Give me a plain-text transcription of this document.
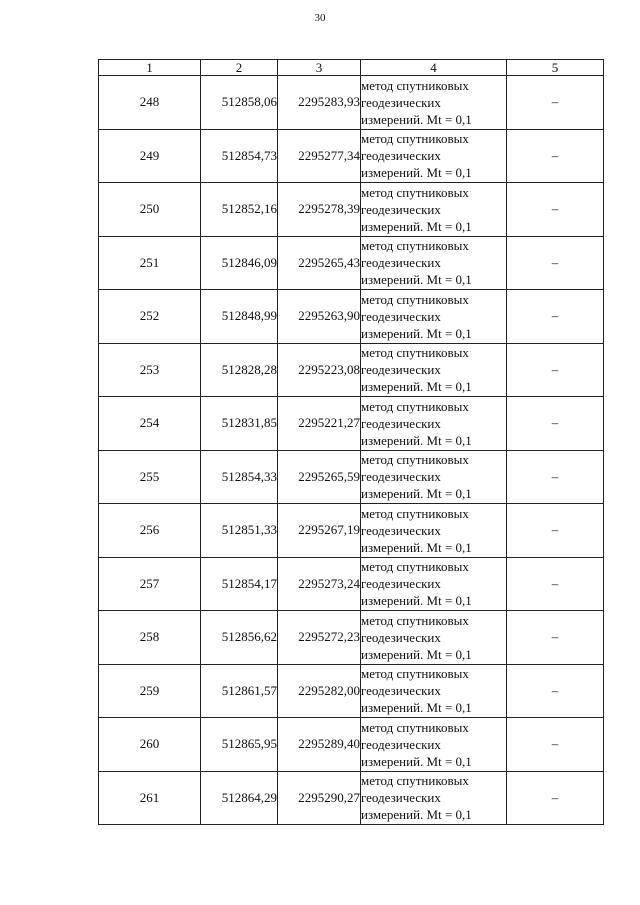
30
1	2	3	4	5
248	512858,06	2295283,93	метод спутниковых
геодезических
измерений. Mt = 0,1	–
249	512854,73	2295277,34	метод спутниковых
геодезических
измерений. Mt = 0,1	–
250	512852,16	2295278,39	метод спутниковых
геодезических
измерений. Mt = 0,1	–
251	512846,09	2295265,43	метод спутниковых
геодезических
измерений. Mt = 0,1	–
252	512848,99	2295263,90	метод спутниковых
геодезических
измерений. Mt = 0,1	–
253	512828,28	2295223,08	метод спутниковых
геодезических
измерений. Mt = 0,1	–
254	512831,85	2295221,27	метод спутниковых
геодезических
измерений. Mt = 0,1	–
255	512854,33	2295265,59	метод спутниковых
геодезических
измерений. Mt = 0,1	–
256	512851,33	2295267,19	метод спутниковых
геодезических
измерений. Mt = 0,1	–
257	512854,17	2295273,24	метод спутниковых
геодезических
измерений. Mt = 0,1	–
258	512856,62	2295272,23	метод спутниковых
геодезических
измерений. Mt = 0,1	–
259	512861,57	2295282,00	метод спутниковых
геодезических
измерений. Mt = 0,1	–
260	512865,95	2295289,40	метод спутниковых
геодезических
измерений. Mt = 0,1	–
261	512864,29	2295290,27	метод спутниковых
геодезических
измерений. Mt = 0,1	–
